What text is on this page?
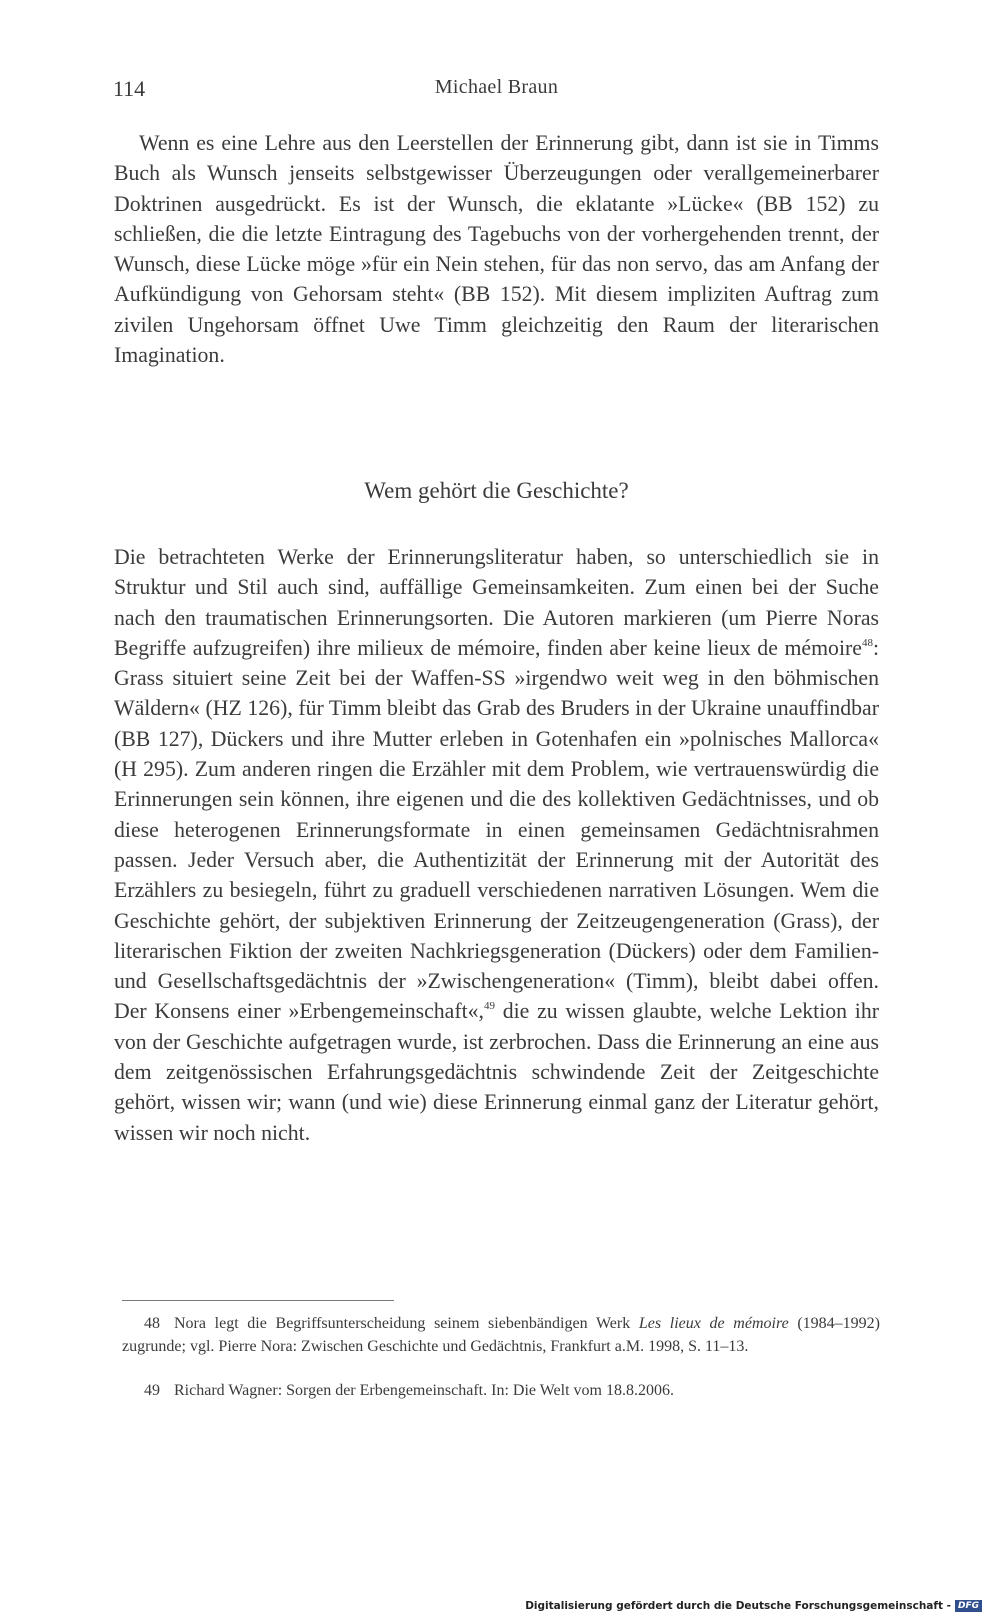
114	Michael Braun

Wenn es eine Lehre aus den Leerstellen der Erinnerung gibt, dann ist sie in Timms Buch als Wunsch jenseits selbstgewisser Überzeugungen oder verallgemeinerbarer Doktrinen ausgedrückt. Es ist der Wunsch, die eklatante »Lücke« (BB 152) zu schließen, die die letzte Eintragung des Tagebuchs von der vorhergehenden trennt, der Wunsch, diese Lücke möge »für ein Nein stehen, für das non servo, das am Anfang der Aufkündigung von Gehorsam steht« (BB 152). Mit diesem impliziten Auftrag zum zivilen Ungehorsam öffnet Uwe Timm gleichzeitig den Raum der literarischen Imagination.

Wem gehört die Geschichte?

Die betrachteten Werke der Erinnerungsliteratur haben, so unterschiedlich sie in Struktur und Stil auch sind, auffällige Gemeinsamkeiten. Zum einen bei der Suche nach den traumatischen Erinnerungsorten. Die Autoren markieren (um Pierre Noras Begriffe aufzugreifen) ihre milieux de mémoire, finden aber keine lieux de mémoire$^{48}$: Grass situiert seine Zeit bei der Waffen-SS »irgendwo weit weg in den böhmischen Wäldern« (HZ 126), für Timm bleibt das Grab des Bruders in der Ukraine unauffindbar (BB 127), Dückers und ihre Mutter erleben in Gotenhafen ein »polnisches Mallorca« (H 295). Zum anderen ringen die Erzähler mit dem Problem, wie vertrauenswürdig die Erinnerungen sein können, ihre eigenen und die des kollektiven Gedächtnisses, und ob diese heterogenen Erinnerungsformate in einen gemeinsamen Gedächtnisrahmen passen. Jeder Versuch aber, die Authentizität der Erinnerung mit der Autorität des Erzählers zu besiegeln, führt zu graduell verschiedenen narrativen Lösungen. Wem die Geschichte gehört, der subjektiven Erinnerung der Zeitzeugengeneration (Grass), der literarischen Fiktion der zweiten Nachkriegsgeneration (Dückers) oder dem Familien- und Gesellschaftsgedächtnis der »Zwischengeneration« (Timm), bleibt dabei offen. Der Konsens einer »Erbengemeinschaft«,$^{49}$ die zu wissen glaubte, welche Lektion ihr von der Geschichte aufgetragen wurde, ist zerbrochen. Dass die Erinnerung an eine aus dem zeitgenössischen Erfahrungsgedächtnis schwindende Zeit der Zeitgeschichte gehört, wissen wir; wann (und wie) diese Erinnerung einmal ganz der Literatur gehört, wissen wir noch nicht.

48 Nora legt die Begriffsunterscheidung seinem siebenbändigen Werk Les lieux de mémoire (1984–1992) zugrunde; vgl. Pierre Nora: Zwischen Geschichte und Gedächtnis, Frankfurt a.M. 1998, S. 11–13.

49 Richard Wagner: Sorgen der Erbengemeinschaft. In: Die Welt vom 18.8.2006.

Digitalisierung gefördert durch die Deutsche Forschungsgemeinschaft - DFG
